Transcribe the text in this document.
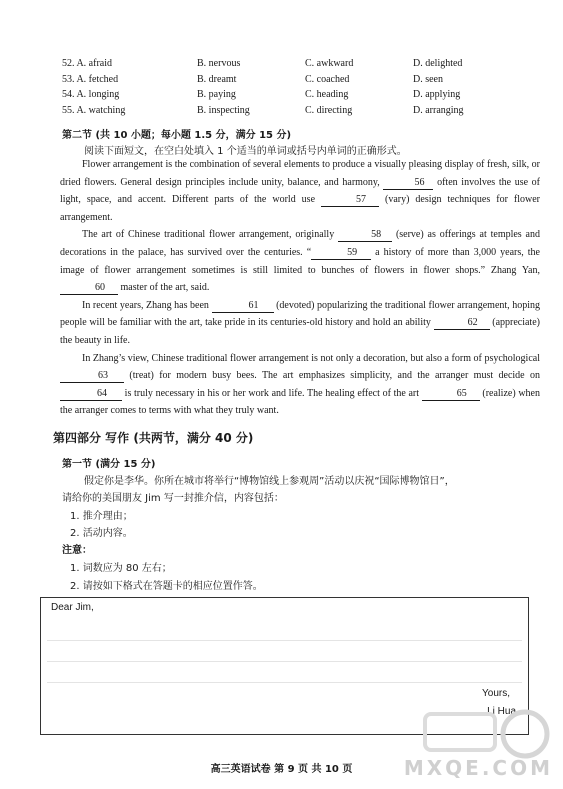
52. A. afraid	B. nervous	C. awkward	D. delighted
53. A. fetched	B. dreamt	C. coached	D. seen
54. A. longing	B. paying	C. heading	D. applying
55. A. watching	B. inspecting	C. directing	D. arranging
第二节 (共 10 小题；每小题 1.5 分，满分 15 分)
阅读下面短文，在空白处填入 1 个适当的单词或括号内单词的正确形式。

Flower arrangement is the combination of several elements to produce a visually pleasing display of fresh, silk, or dried flowers. General design principles include unity, balance, and harmony,	56 often involves the use of light, space, and accent. Different parts of the world use	57 (vary) design techniques for flower arrangement.

The art of Chinese traditional flower arrangement, originally	58 (serve) as offerings at temples and decorations in the palace, has survived over the centuries. “	59 a history of more than 3,000 years, the image of flower arrangement sometimes is still limited to bunches of flowers in flower shops.” Zhang Yan, 60 master of the art, said.

In recent years, Zhang has been	61 (devoted) popularizing the traditional flower arrangement, hoping people will be familiar with the art, take pride in its centuries-old history and hold an ability	62 (appreciate) the beauty in life.

In Zhang’s view, Chinese traditional flower arrangement is not only a decoration, but also a form of psychological 63 (treat) for modern busy bees. The art emphasizes simplicity, and the arranger must decide on 64 is truly necessary in his or her work and life. The healing effect of the art	65 (realize) when the arranger comes to terms with what they truly want.

第四部分 写作 (共两节，满分 40 分)
第一节 (满分 15 分)
假定你是李华。你所在城市将举行“博物馆线上参观周”活动以庆祝“国际博物馆日”，
请给你的美国朋友 Jim 写一封推介信，内容包括：
1. 推介理由；
2. 活动内容。
注意：
1. 词数应为 80 左右；
2. 请按如下格式在答题卡的相应位置作答。
Dear Jim,
Yours,
Li Hua
高三英语试卷 第 9 页 共 10 页	MXQE.COM
